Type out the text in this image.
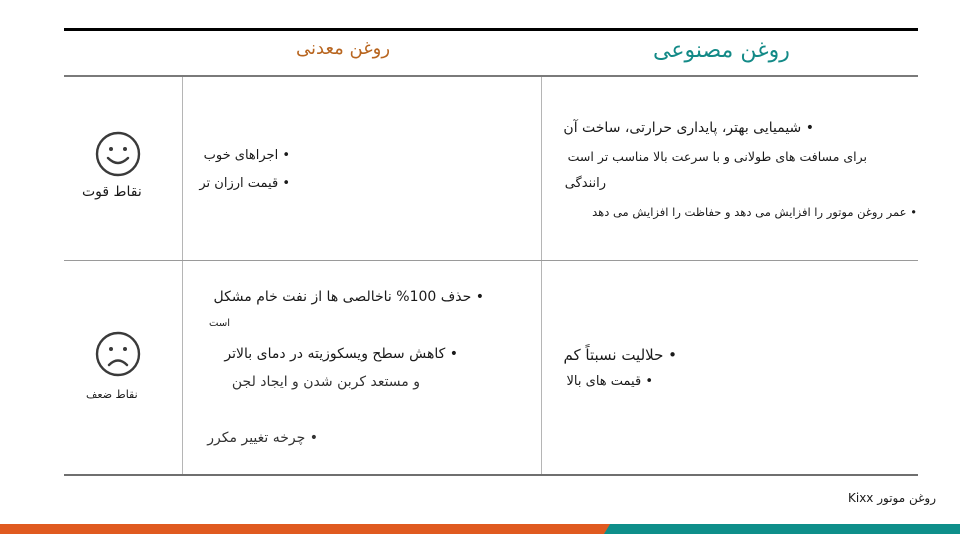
روغن معدنی	روغن مصنوعی
نقاط قوت
• اجراهای خوب
• قیمت ارزان تر
• شیمیایی بهتر، پایداری حرارتی، ساخت آن
برای مسافت های طولانی و با سرعت بالا مناسب تر است
رانندگی
• عمر روغن موتور را افزایش می دهد و حفاظت را افزایش می دهد
نقاط ضعف
• حذف 100% ناخالصی ها از نفت خام مشکل
است
• کاهش سطح ویسکوزیته در دمای بالاتر
و مستعد کربن شدن و ایجاد لجن
• چرخه تغییر مکرر
• حلالیت نسبتاً کم
• قیمت های بالا
روغن موتور Kixx
